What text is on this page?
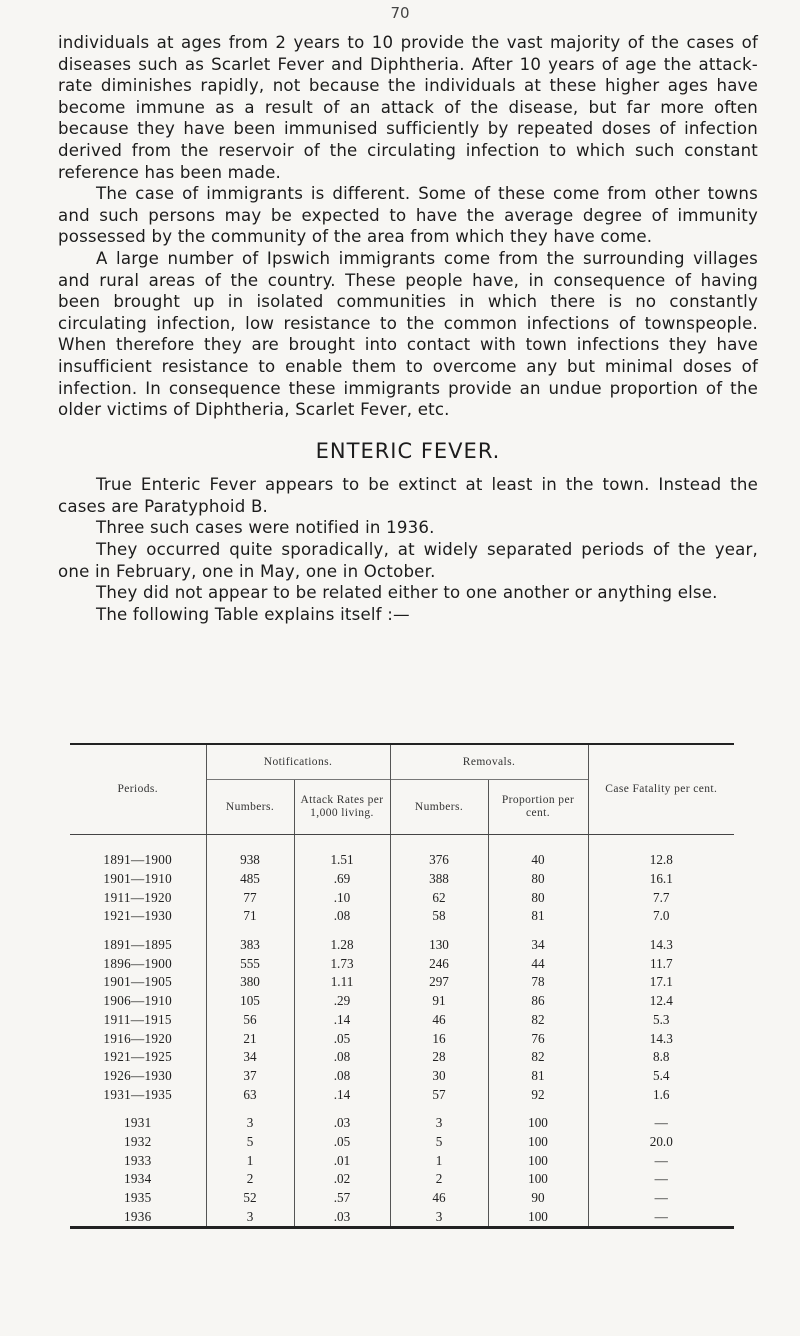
70

individuals at ages from 2 years to 10 provide the vast majority of the cases of diseases such as Scarlet Fever and Diphtheria. After 10 years of age the attack-rate diminishes rapidly, not because the individuals at these higher ages have become immune as a result of an attack of the disease, but far more often because they have been immunised sufficiently by repeated doses of infection derived from the reservoir of the circulating infection to which such constant reference has been made.

The case of immigrants is different. Some of these come from other towns and such persons may be expected to have the average degree of immunity possessed by the community of the area from which they have come.

A large number of Ipswich immigrants come from the surrounding villages and rural areas of the country. These people have, in consequence of having been brought up in isolated communities in which there is no constantly circulating infection, low resistance to the common infections of townspeople. When therefore they are brought into contact with town infections they have insufficient resistance to enable them to overcome any but minimal doses of infection. In consequence these immigrants provide an undue proportion of the older victims of Diphtheria, Scarlet Fever, etc.

ENTERIC FEVER.

True Enteric Fever appears to be extinct at least in the town. Instead the cases are Paratyphoid B.

Three such cases were notified in 1936.

They occurred quite sporadically, at widely separated periods of the year, one in February, one in May, one in October.

They did not appear to be related either to one another or anything else.

The following Table explains itself :—

Periods.	Notifications.		Removals.		Case Fatality per cent.
	Numbers.	Attack Rates per 1,000 living.	Numbers.	Proportion per cent.	

1891—1900	938	1.51	376	40	12.8
1901—1910	485	.69	388	80	16.1
1911—1920	77	.10	62	80	7.7
1921—1930	71	.08	58	81	7.0

1891—1895	383	1.28	130	34	14.3
1896—1900	555	1.73	246	44	11.7
1901—1905	380	1.11	297	78	17.1
1906—1910	105	.29	91	86	12.4
1911—1915	56	.14	46	82	5.3
1916—1920	21	.05	16	76	14.3
1921—1925	34	.08	28	82	8.8
1926—1930	37	.08	30	81	5.4
1931—1935	63	.14	57	92	1.6

1931	3	.03	3	100	—
1932	5	.05	5	100	20.0
1933	1	.01	1	100	—
1934	2	.02	2	100	—
1935	52	.57	46	90	—
1936	3	.03	3	100	—
